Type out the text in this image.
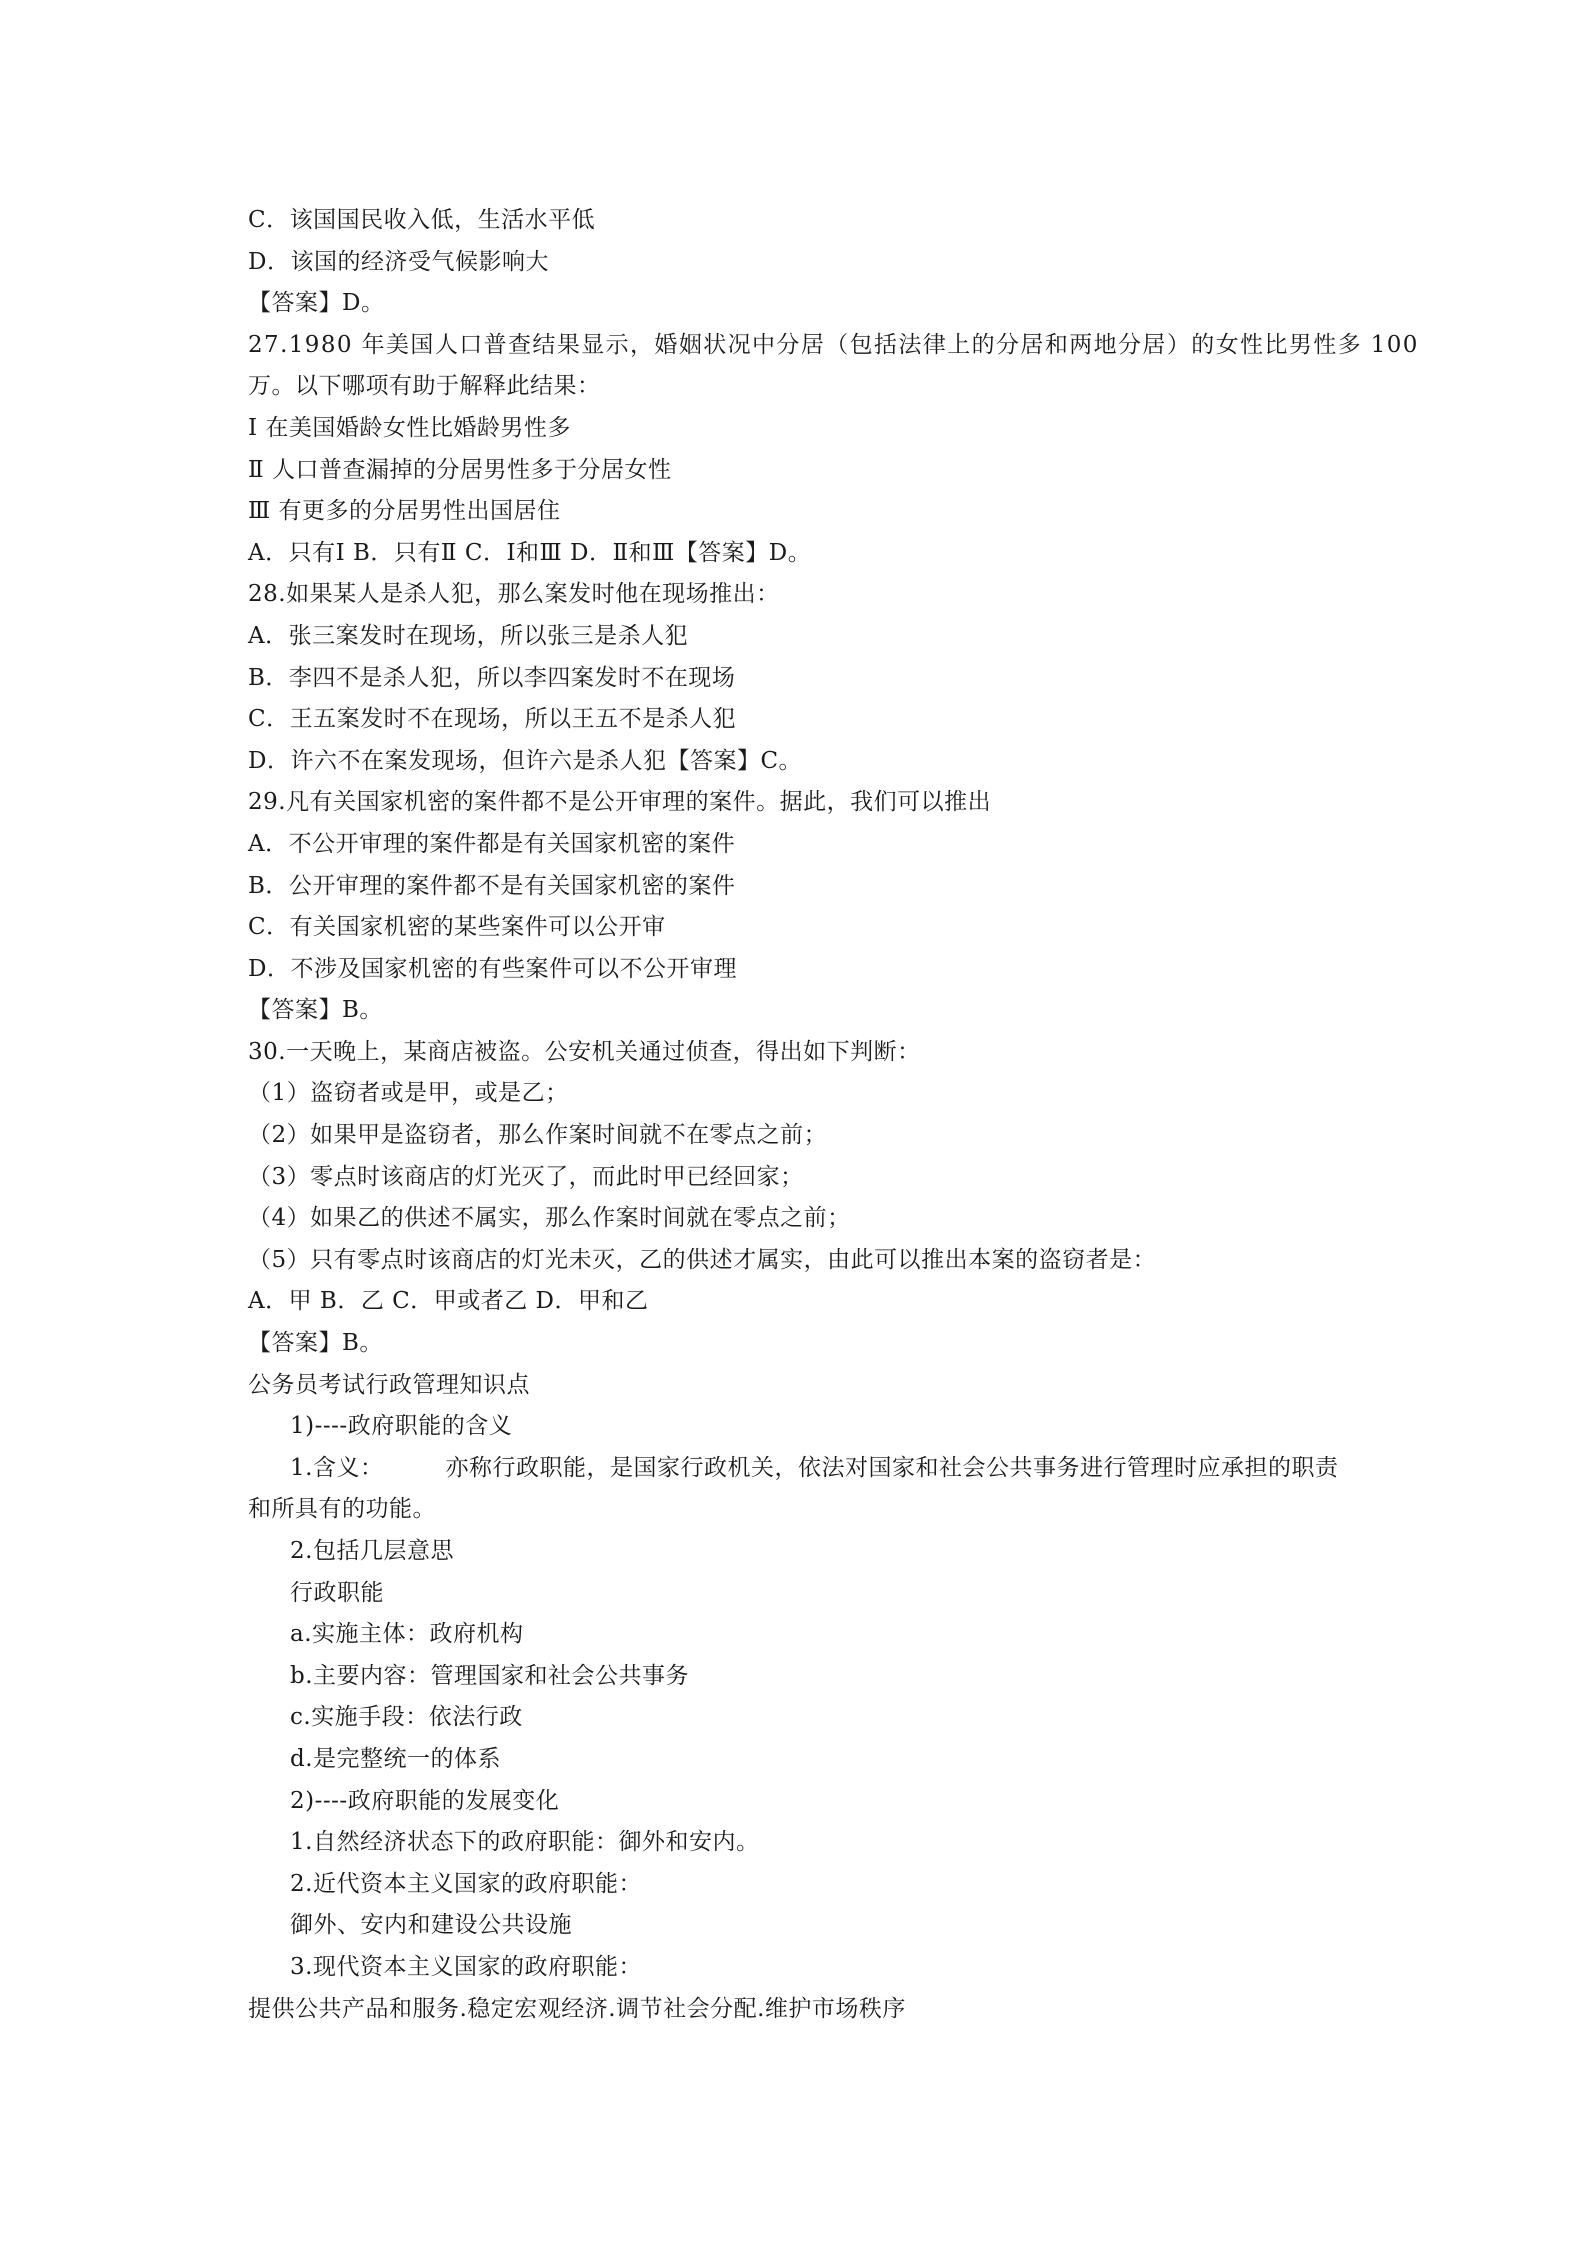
C．该国国民收入低，生活水平低
D．该国的经济受气候影响大
【答案】D。
27.1980 年美国人口普查结果显示，婚姻状况中分居（包括法律上的分居和两地分居）的女性比男性多 100
万。以下哪项有助于解释此结果：
Ⅰ 在美国婚龄女性比婚龄男性多
Ⅱ 人口普查漏掉的分居男性多于分居女性
Ⅲ 有更多的分居男性出国居住
A．只有Ⅰ B．只有Ⅱ C．Ⅰ和Ⅲ D．Ⅱ和Ⅲ【答案】D。
28.如果某人是杀人犯，那么案发时他在现场推出：
A．张三案发时在现场，所以张三是杀人犯
B．李四不是杀人犯，所以李四案发时不在现场
C．王五案发时不在现场，所以王五不是杀人犯
D．许六不在案发现场，但许六是杀人犯【答案】C。
29.凡有关国家机密的案件都不是公开审理的案件。据此，我们可以推出
A．不公开审理的案件都是有关国家机密的案件
B．公开审理的案件都不是有关国家机密的案件
C．有关国家机密的某些案件可以公开审
D．不涉及国家机密的有些案件可以不公开审理
【答案】B。
30.一天晚上，某商店被盗。公安机关通过侦查，得出如下判断：
（1）盗窃者或是甲，或是乙；
（2）如果甲是盗窃者，那么作案时间就不在零点之前；
（3）零点时该商店的灯光灭了，而此时甲已经回家；
（4）如果乙的供述不属实，那么作案时间就在零点之前；
（5）只有零点时该商店的灯光未灭，乙的供述才属实，由此可以推出本案的盗窃者是：
A．甲 B．乙 C．甲或者乙 D．甲和乙
【答案】B。
公务员考试行政管理知识点
1)----政府职能的含义
1.含义：	亦称行政职能，是国家行政机关，依法对国家和社会公共事务进行管理时应承担的职责
和所具有的功能。
2.包括几层意思
行政职能
a.实施主体：政府机构
b.主要内容：管理国家和社会公共事务
c.实施手段：依法行政
d.是完整统一的体系
2)----政府职能的发展变化
1.自然经济状态下的政府职能：御外和安内。
2.近代资本主义国家的政府职能：
御外、安内和建设公共设施
3.现代资本主义国家的政府职能：
提供公共产品和服务.稳定宏观经济.调节社会分配.维护市场秩序
